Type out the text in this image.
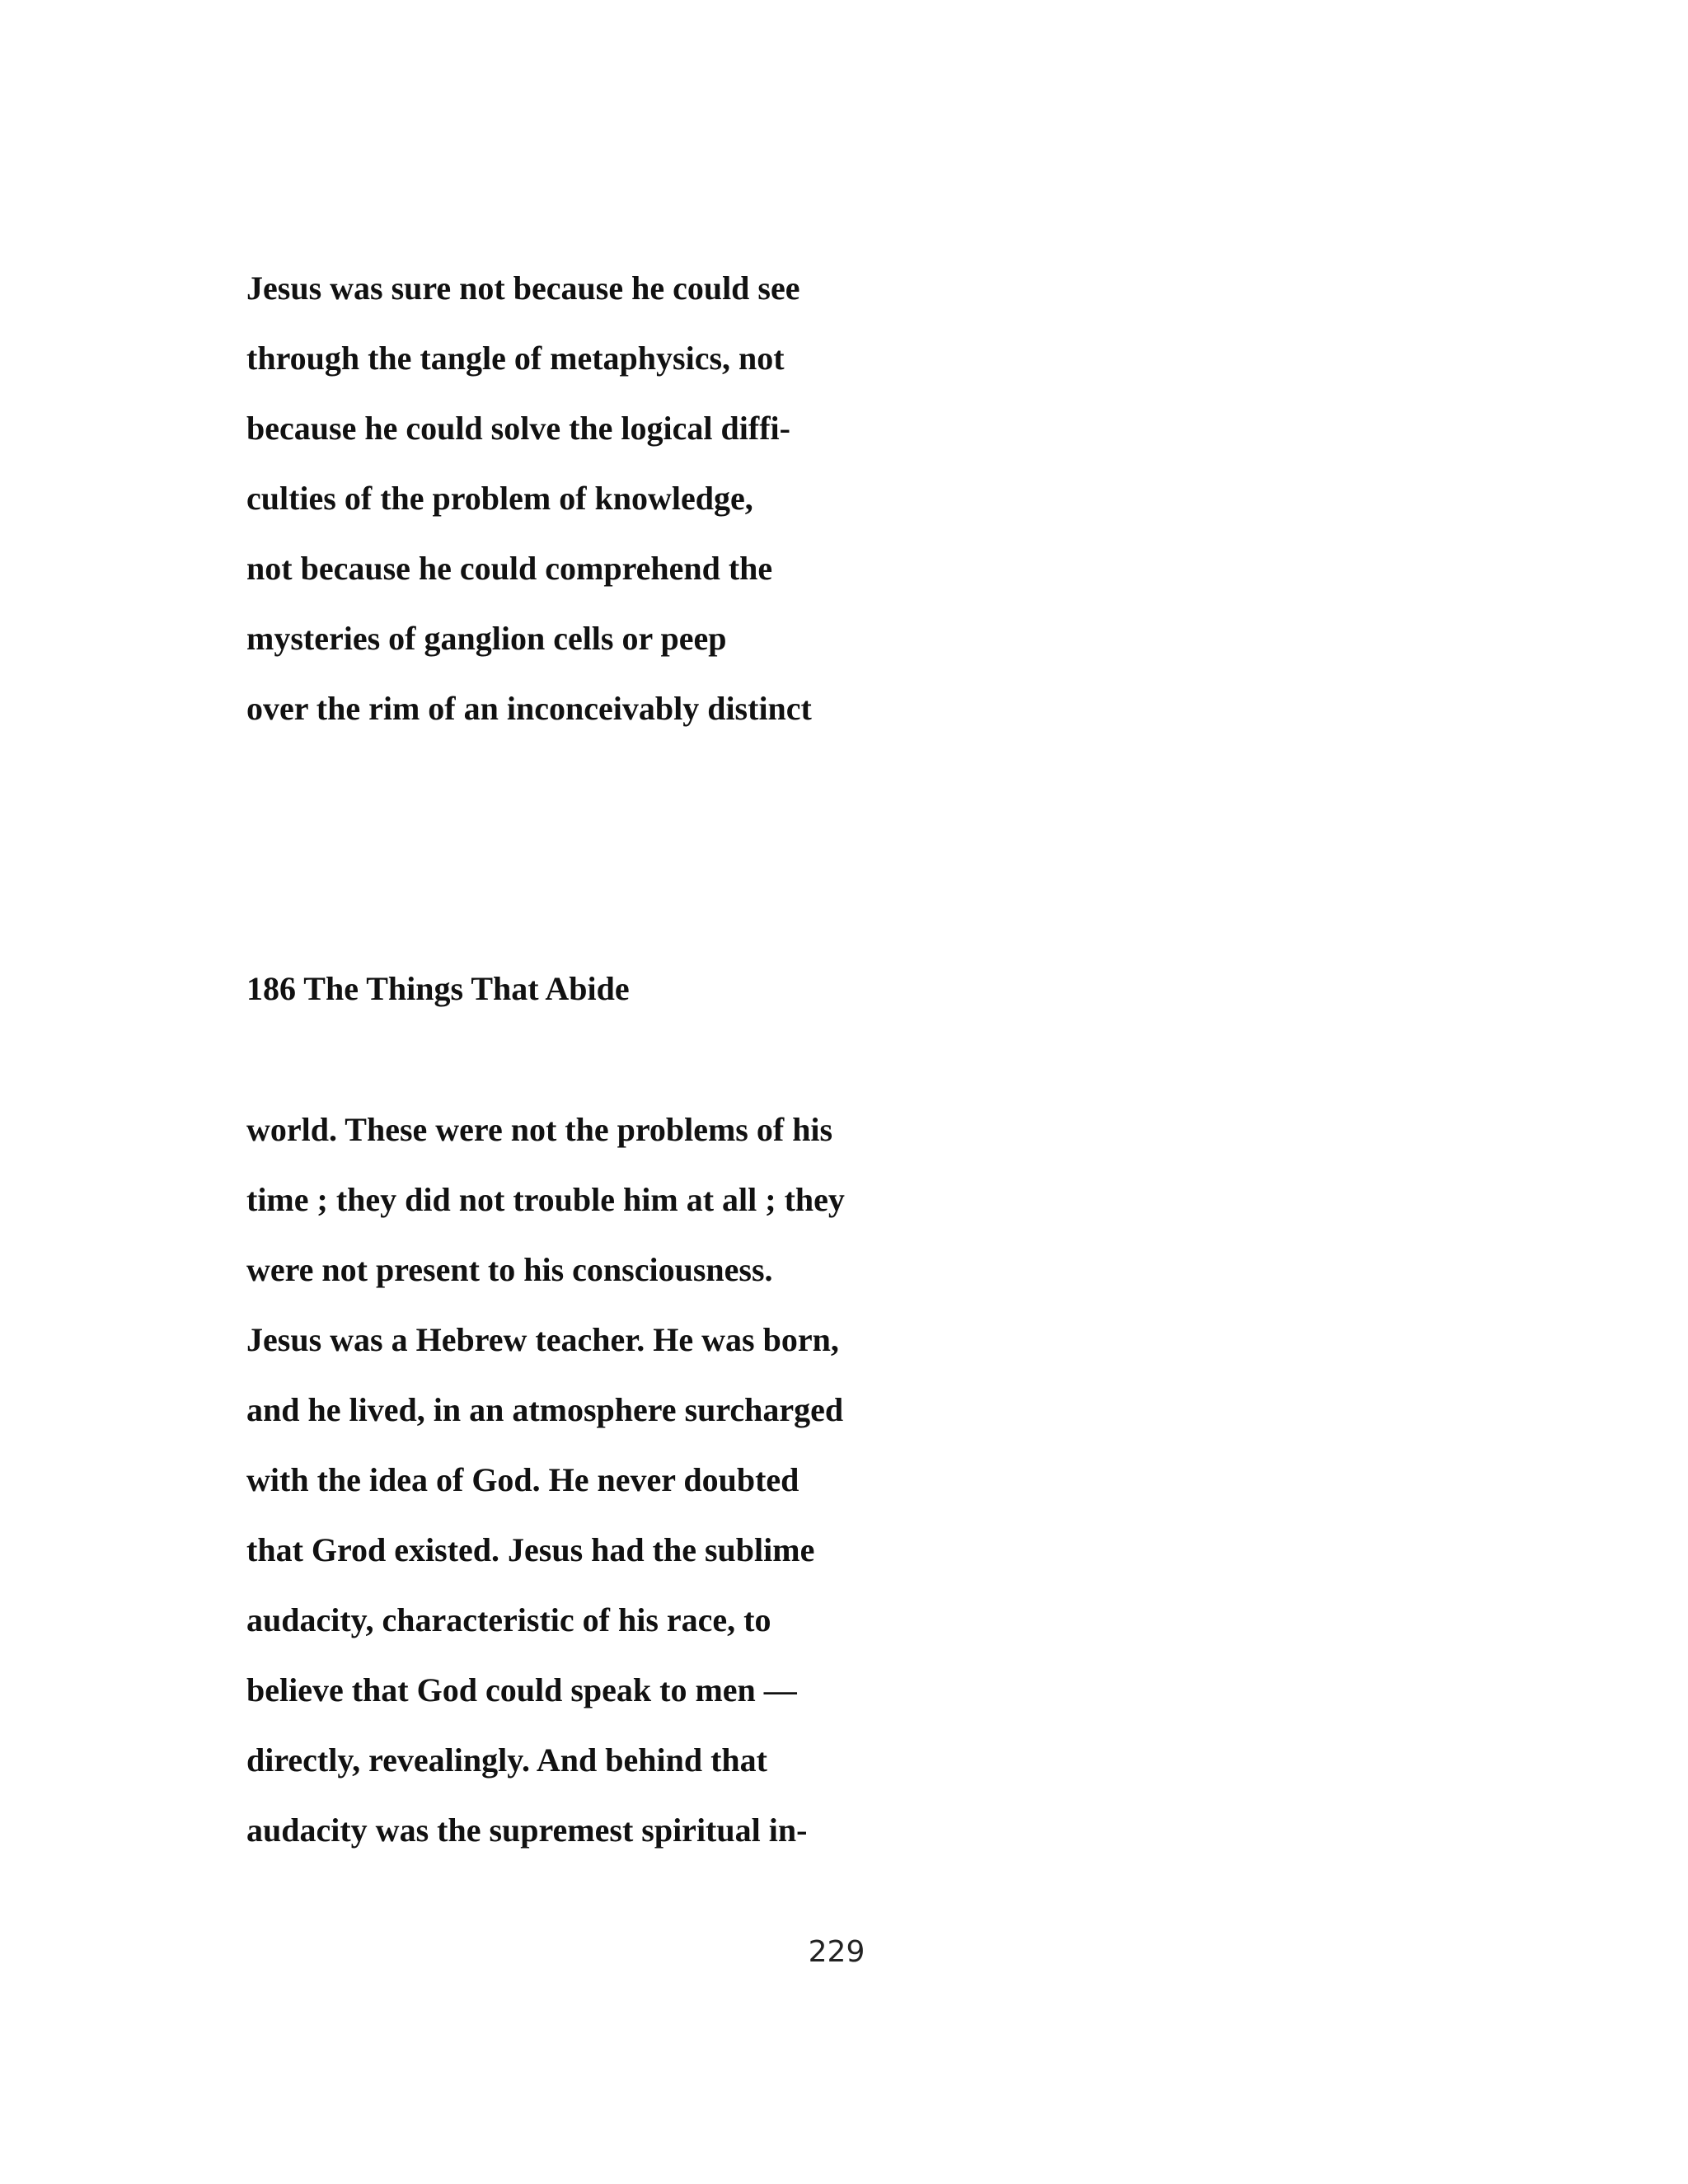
Jesus was sure not because he could see
through the tangle of metaphysics, not
because he could solve the logical diffi-
culties of the problem of knowledge,
not because he could comprehend the
mysteries of ganglion cells or peep
over the rim of an inconceivably distinct
186 The Things That Abide
world. These were not the problems of his
time ; they did not trouble him at all ; they
were not present to his consciousness.
Jesus was a Hebrew teacher. He was born,
and he lived, in an atmosphere surcharged
with the idea of God. He never doubted
that Grod existed. Jesus had the sublime
audacity, characteristic of his race, to
believe that God could speak to men —
directly, revealingly. And behind that
audacity was the supremest spiritual in-
229
